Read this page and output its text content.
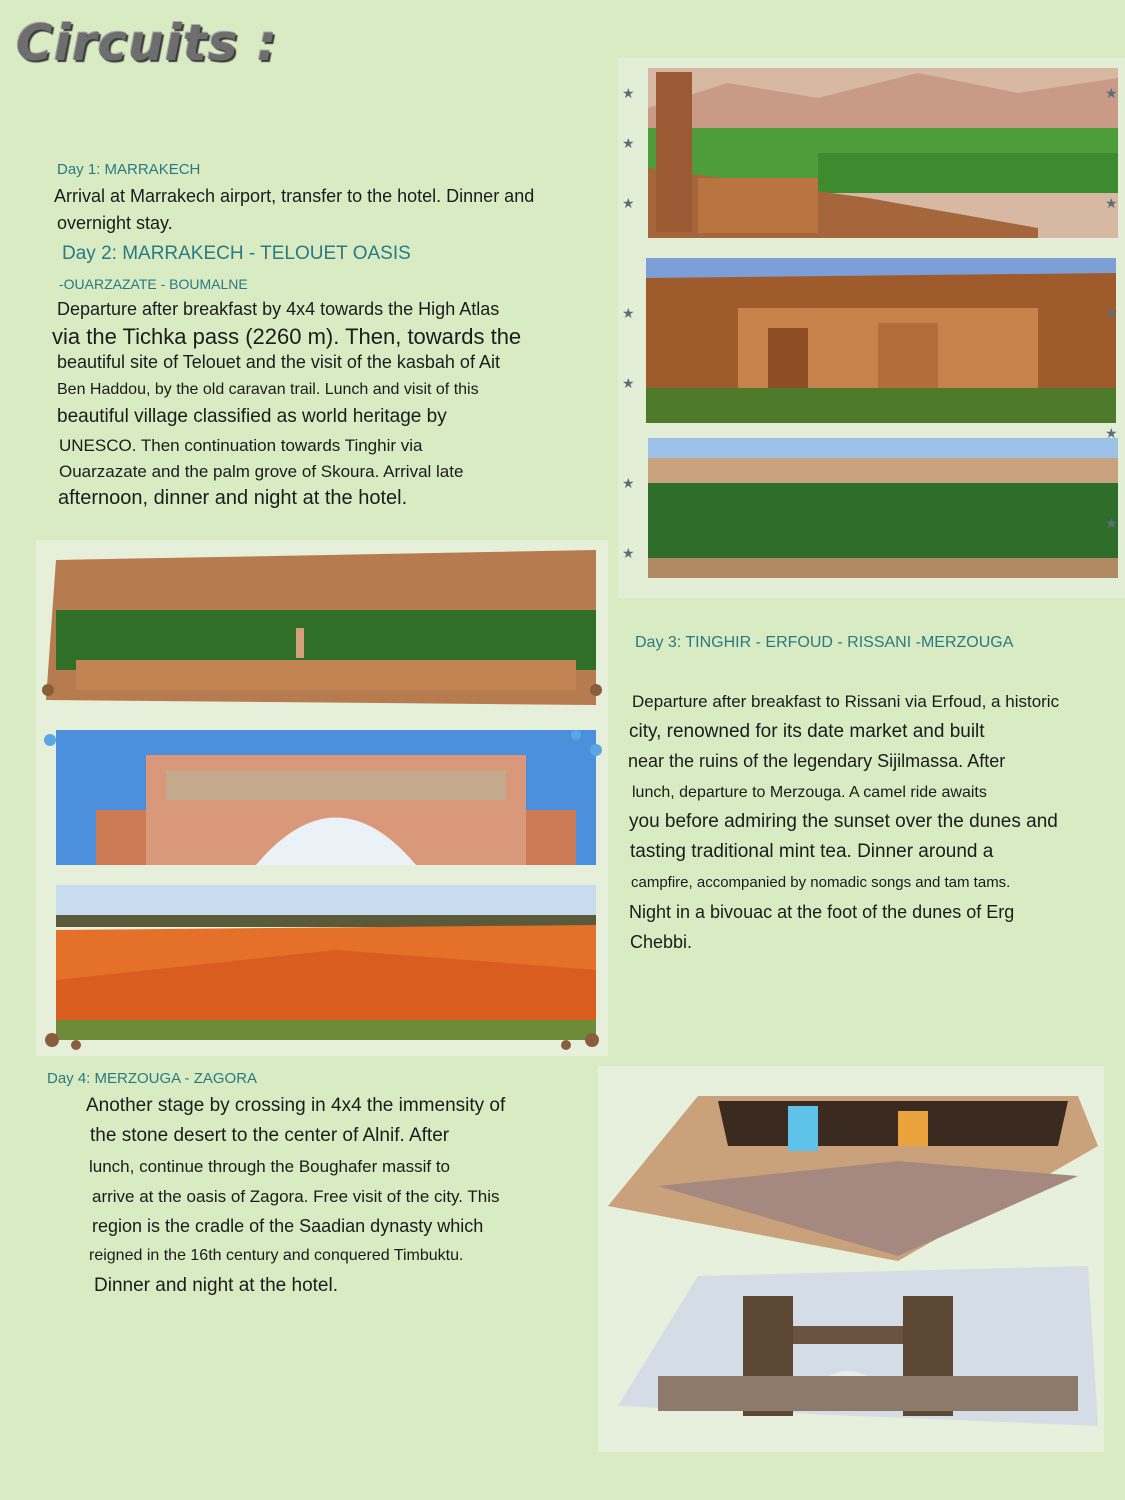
Circuits :
Day 1: MARRAKECH
Arrival at Marrakech airport, transfer to the hotel. Dinner and
overnight stay.
Day 2: MARRAKECH - TELOUET OASIS
-OUARZAZATE - BOUMALNE
Departure after breakfast by 4x4 towards the High Atlas
via the Tichka pass (2260 m). Then, towards the
beautiful site of Telouet and the visit of the kasbah of Ait
Ben Haddou, by the old caravan trail. Lunch and visit of this
beautiful village classified as world heritage by
UNESCO. Then continuation towards Tinghir via
Ouarzazate and the palm grove of Skoura. Arrival late
afternoon, dinner and night at the hotel.
Day 3: TINGHIR - ERFOUD - RISSANI -MERZOUGA
Departure after breakfast to Rissani via Erfoud, a historic
city, renowned for its date market and built
near the ruins of the legendary Sijilmassa. After
lunch, departure to Merzouga. A camel ride awaits
you before admiring the sunset over the dunes and
tasting traditional mint tea. Dinner around a
campfire, accompanied by nomadic songs and tam tams.
Night in a bivouac at the foot of the dunes of Erg
Chebbi.
Day 4: MERZOUGA - ZAGORA
Another stage by crossing in 4x4 the immensity of
the stone desert to the center of Alnif. After
lunch, continue through the Boughafer massif to
arrive at the oasis of Zagora. Free visit of the city. This
region is the cradle of the Saadian dynasty which
reigned in the 16th century and conquered Timbuktu.
Dinner and night at the hotel.
★
★
★
★
★
★
★
★
★
★
★
★
